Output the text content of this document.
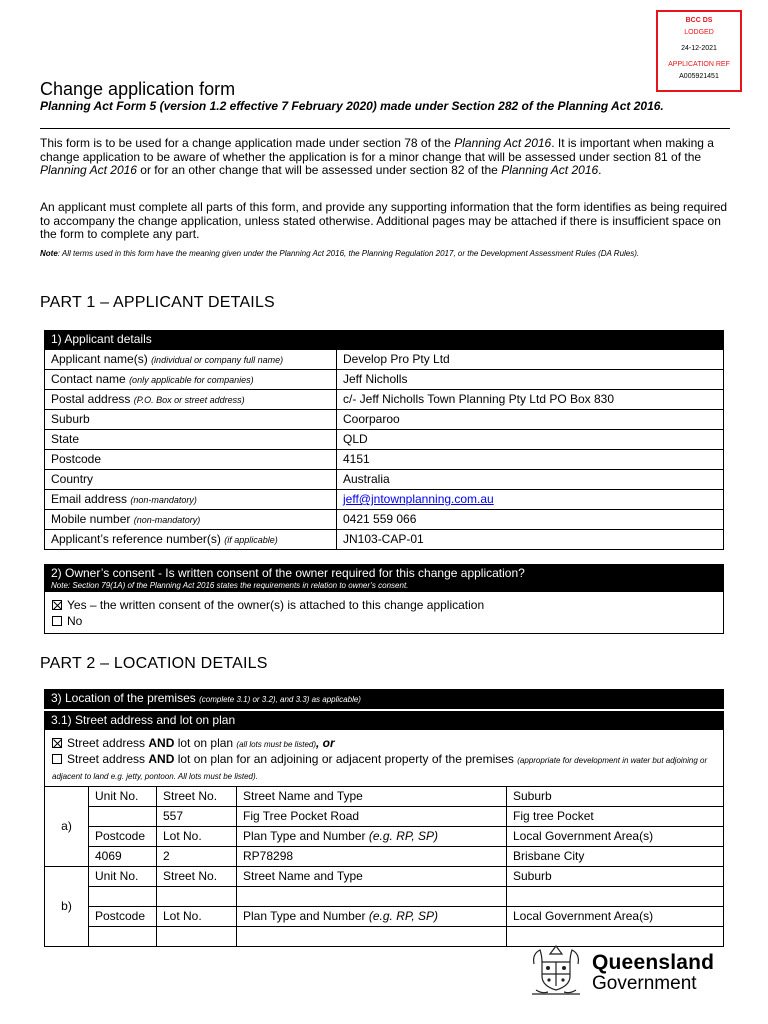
BCC DS
LODGED
24-12-2021
APPLICATION REF
A005921451
Change application form
Planning Act Form 5 (version 1.2 effective 7 February 2020) made under Section 282 of the Planning Act 2016.
This form is to be used for a change application made under section 78 of the Planning Act 2016. It is important when making a change application to be aware of whether the application is for a minor change that will be assessed under section 81 of the Planning Act 2016 or for an other change that will be assessed under section 82 of the Planning Act 2016.
An applicant must complete all parts of this form, and provide any supporting information that the form identifies as being required to accompany the change application, unless stated otherwise. Additional pages may be attached if there is insufficient space on the form to complete any part.
Note: All terms used in this form have the meaning given under the Planning Act 2016, the Planning Regulation 2017, or the Development Assessment Rules (DA Rules).
PART 1 – APPLICANT DETAILS
1) Applicant details
Applicant name(s) (individual or company full name)	Develop Pro Pty Ltd
Contact name (only applicable for companies)	Jeff Nicholls
Postal address (P.O. Box or street address)	c/- Jeff Nicholls Town Planning Pty Ltd PO Box 830
Suburb	Coorparoo
State	QLD
Postcode	4151
Country	Australia
Email address (non-mandatory)	jeff@jntownplanning.com.au
Mobile number (non-mandatory)	0421 559 066
Applicant’s reference number(s) (if applicable)	JN103-CAP-01
2) Owner’s consent - Is written consent of the owner required for this change application?
Note: Section 79(1A) of the Planning Act 2016 states the requirements in relation to owner’s consent.
Yes – the written consent of the owner(s) is attached to this change application
No
PART 2 – LOCATION DETAILS
3) Location of the premises (complete 3.1) or 3.2), and 3.3) as applicable)
3.1) Street address and lot on plan
Street address AND lot on plan (all lots must be listed), or
Street address AND lot on plan for an adjoining or adjacent property of the premises (appropriate for development in water but adjoining or adjacent to land e.g. jetty, pontoon. All lots must be listed).
a)	Unit No.	Street No.	Street Name and Type	Suburb
		557	Fig Tree Pocket Road	Fig tree Pocket
	Postcode	Lot No.	Plan Type and Number (e.g. RP, SP)	Local Government Area(s)
	4069	2	RP78298	Brisbane City
b)	Unit No.	Street No.	Street Name and Type	Suburb

	Postcode	Lot No.	Plan Type and Number (e.g. RP, SP)	Local Government Area(s)

Queensland
Government
